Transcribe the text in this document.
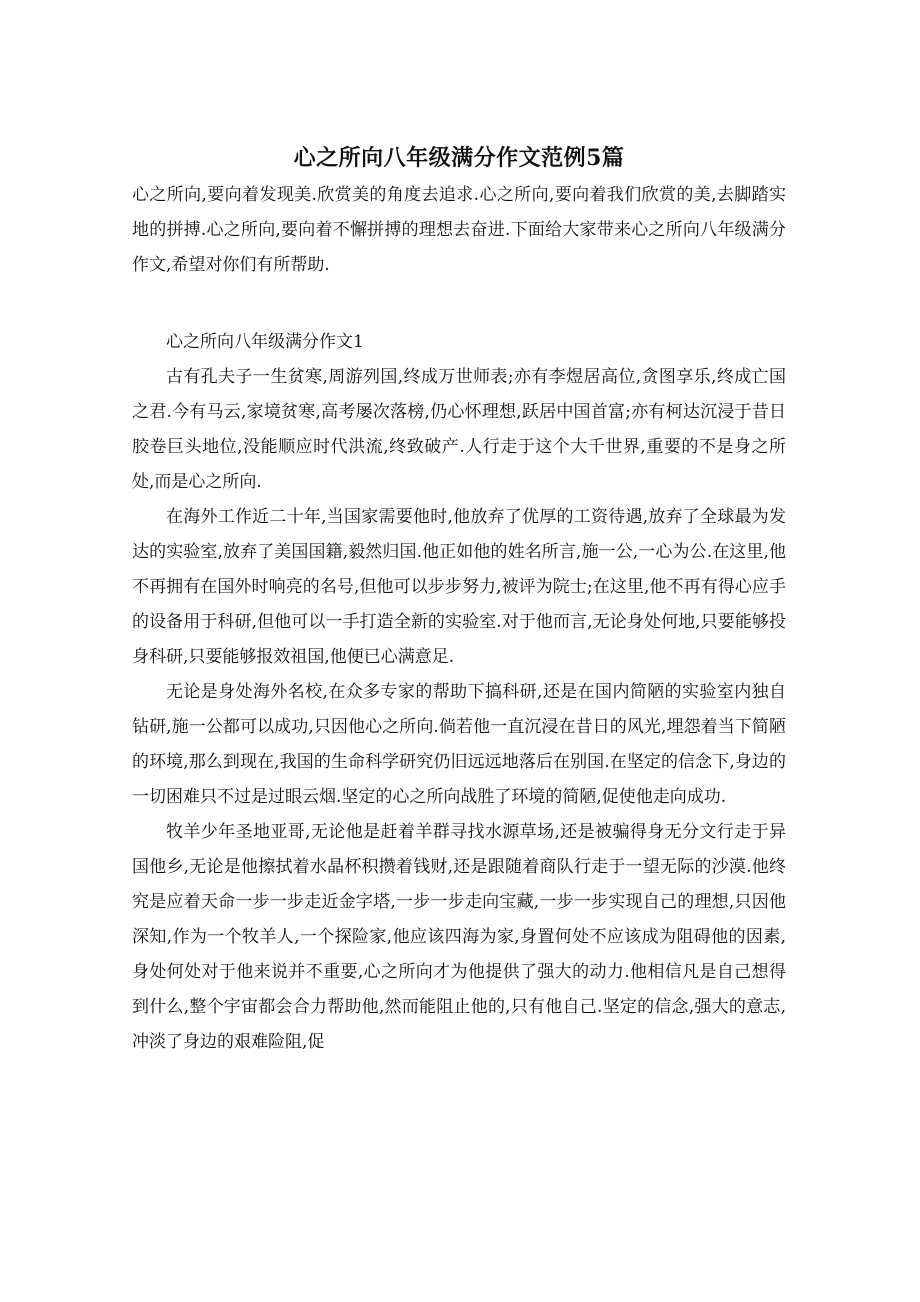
心之所向八年级满分作文范例5篇

心之所向,要向着发现美.欣赏美的角度去追求.心之所向,要向着我们欣赏的美,去脚踏实地的拼搏.心之所向,要向着不懈拼搏的理想去奋进.下面给大家带来心之所向八年级满分作文,希望对你们有所帮助.

心之所向八年级满分作文1

古有孔夫子一生贫寒,周游列国,终成万世师表;亦有李煜居高位,贪图享乐,终成亡国之君.今有马云,家境贫寒,高考屡次落榜,仍心怀理想,跃居中国首富;亦有柯达沉浸于昔日胶卷巨头地位,没能顺应时代洪流,终致破产.人行走于这个大千世界,重要的不是身之所处,而是心之所向.

在海外工作近二十年,当国家需要他时,他放弃了优厚的工资待遇,放弃了全球最为发达的实验室,放弃了美国国籍,毅然归国.他正如他的姓名所言,施一公,一心为公.在这里,他不再拥有在国外时响亮的名号,但他可以步步努力,被评为院士;在这里,他不再有得心应手的设备用于科研,但他可以一手打造全新的实验室.对于他而言,无论身处何地,只要能够投身科研,只要能够报效祖国,他便已心满意足.

无论是身处海外名校,在众多专家的帮助下搞科研,还是在国内简陋的实验室内独自钻研,施一公都可以成功,只因他心之所向.倘若他一直沉浸在昔日的风光,埋怨着当下简陋的环境,那么到现在,我国的生命科学研究仍旧远远地落后在别国.在坚定的信念下,身边的一切困难只不过是过眼云烟.坚定的心之所向战胜了环境的简陋,促使他走向成功.

牧羊少年圣地亚哥,无论他是赶着羊群寻找水源草场,还是被骗得身无分文行走于异国他乡,无论是他擦拭着水晶杯积攒着钱财,还是跟随着商队行走于一望无际的沙漠.他终究是应着天命一步一步走近金字塔,一步一步走向宝藏,一步一步实现自己的理想,只因他深知,作为一个牧羊人,一个探险家,他应该四海为家,身置何处不应该成为阻碍他的因素,身处何处对于他来说并不重要,心之所向才为他提供了强大的动力.他相信凡是自己想得到什么,整个宇宙都会合力帮助他,然而能阻止他的,只有他自己.坚定的信念,强大的意志,冲淡了身边的艰难险阻,促
